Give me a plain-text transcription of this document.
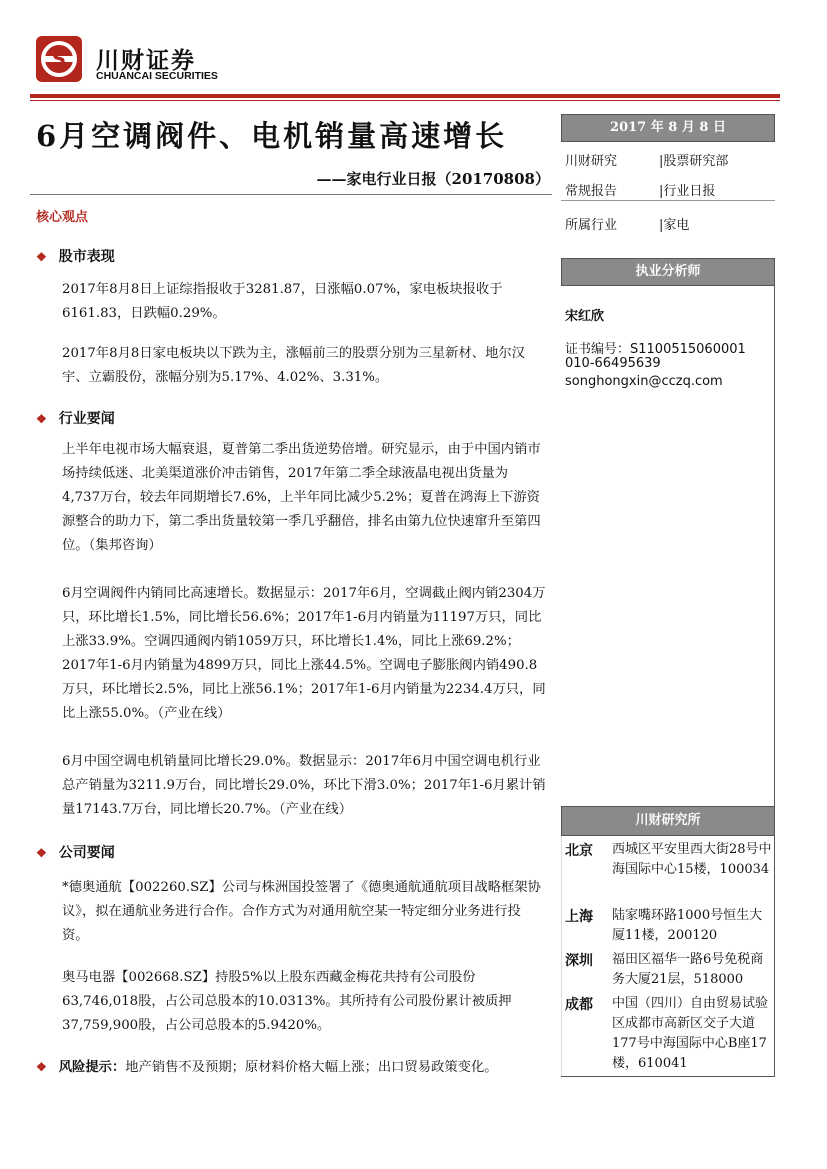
S 川财证券
CHUANCAI SECURITIES
6月空调阀件、电机销量高速增长
——家电行业日报（20170808）
核心观点
❖ 股市表现

2017年8月8日上证综指报收于3281.87，日涨幅0.07%，家电板块报收于6161.83，日跌幅0.29%。

2017年8月8日家电板块以下跌为主，涨幅前三的股票分别为三星新材、地尔汉宇、立霸股份，涨幅分别为5.17%、4.02%、3.31%。

❖ 行业要闻

上半年电视市场大幅衰退，夏普第二季出货逆势倍增。研究显示，由于中国内销市场持续低迷、北美渠道涨价冲击销售，2017年第二季全球液晶电视出货量为4,737万台，较去年同期增长7.6%，上半年同比减少5.2%；夏普在鸿海上下游资源整合的助力下，第二季出货量较第一季几乎翻倍，排名由第九位快速窜升至第四位。（集邦咨询）

6月空调阀件内销同比高速增长。数据显示：2017年6月，空调截止阀内销2304万只，环比增长1.5%，同比增长56.6%；2017年1-6月内销量为11197万只，同比上涨33.9%。空调四通阀内销1059万只，环比增长1.4%，同比上涨69.2%；2017年1-6月内销量为4899万只，同比上涨44.5%。空调电子膨胀阀内销490.8万只，环比增长2.5%，同比上涨56.1%；2017年1-6月内销量为2234.4万只，同比上涨55.0%。（产业在线）

6月中国空调电机销量同比增长29.0%。数据显示：2017年6月中国空调电机行业总产销量为3211.9万台，同比增长29.0%，环比下滑3.0%；2017年1-6月累计销量17143.7万台，同比增长20.7%。（产业在线）

❖ 公司要闻

*德奥通航【002260.SZ】公司与株洲国投签署了《德奥通航通航项目战略框架协议》，拟在通航业务进行合作。合作方式为对通用航空某一特定细分业务进行投资。

奥马电器【002668.SZ】持股5%以上股东西藏金梅花共持有公司股份63,746,018股，占公司总股本的10.0313%。其所持有公司股份累计被质押37,759,900股，占公司总股本的5.9420%。

❖ 风险提示：地产销售不及预期；原材料价格大幅上涨；出口贸易政策变化。
2017 年 8 月 8 日
川财研究	|股票研究部
常规报告	|行业日报
所属行业	|家电
执业分析师
宋红欣
证书编号：S1100515060001
010-66495639
songhongxin@cczq.com
川财研究所
北京 西城区平安里西大街28号中海国际中心15楼，100034
上海 陆家嘴环路1000号恒生大厦11楼，200120
深圳 福田区福华一路6号免税商务大厦21层，518000
成都 中国（四川）自由贸易试验区成都市高新区交子大道177号中海国际中心B座17楼，610041
